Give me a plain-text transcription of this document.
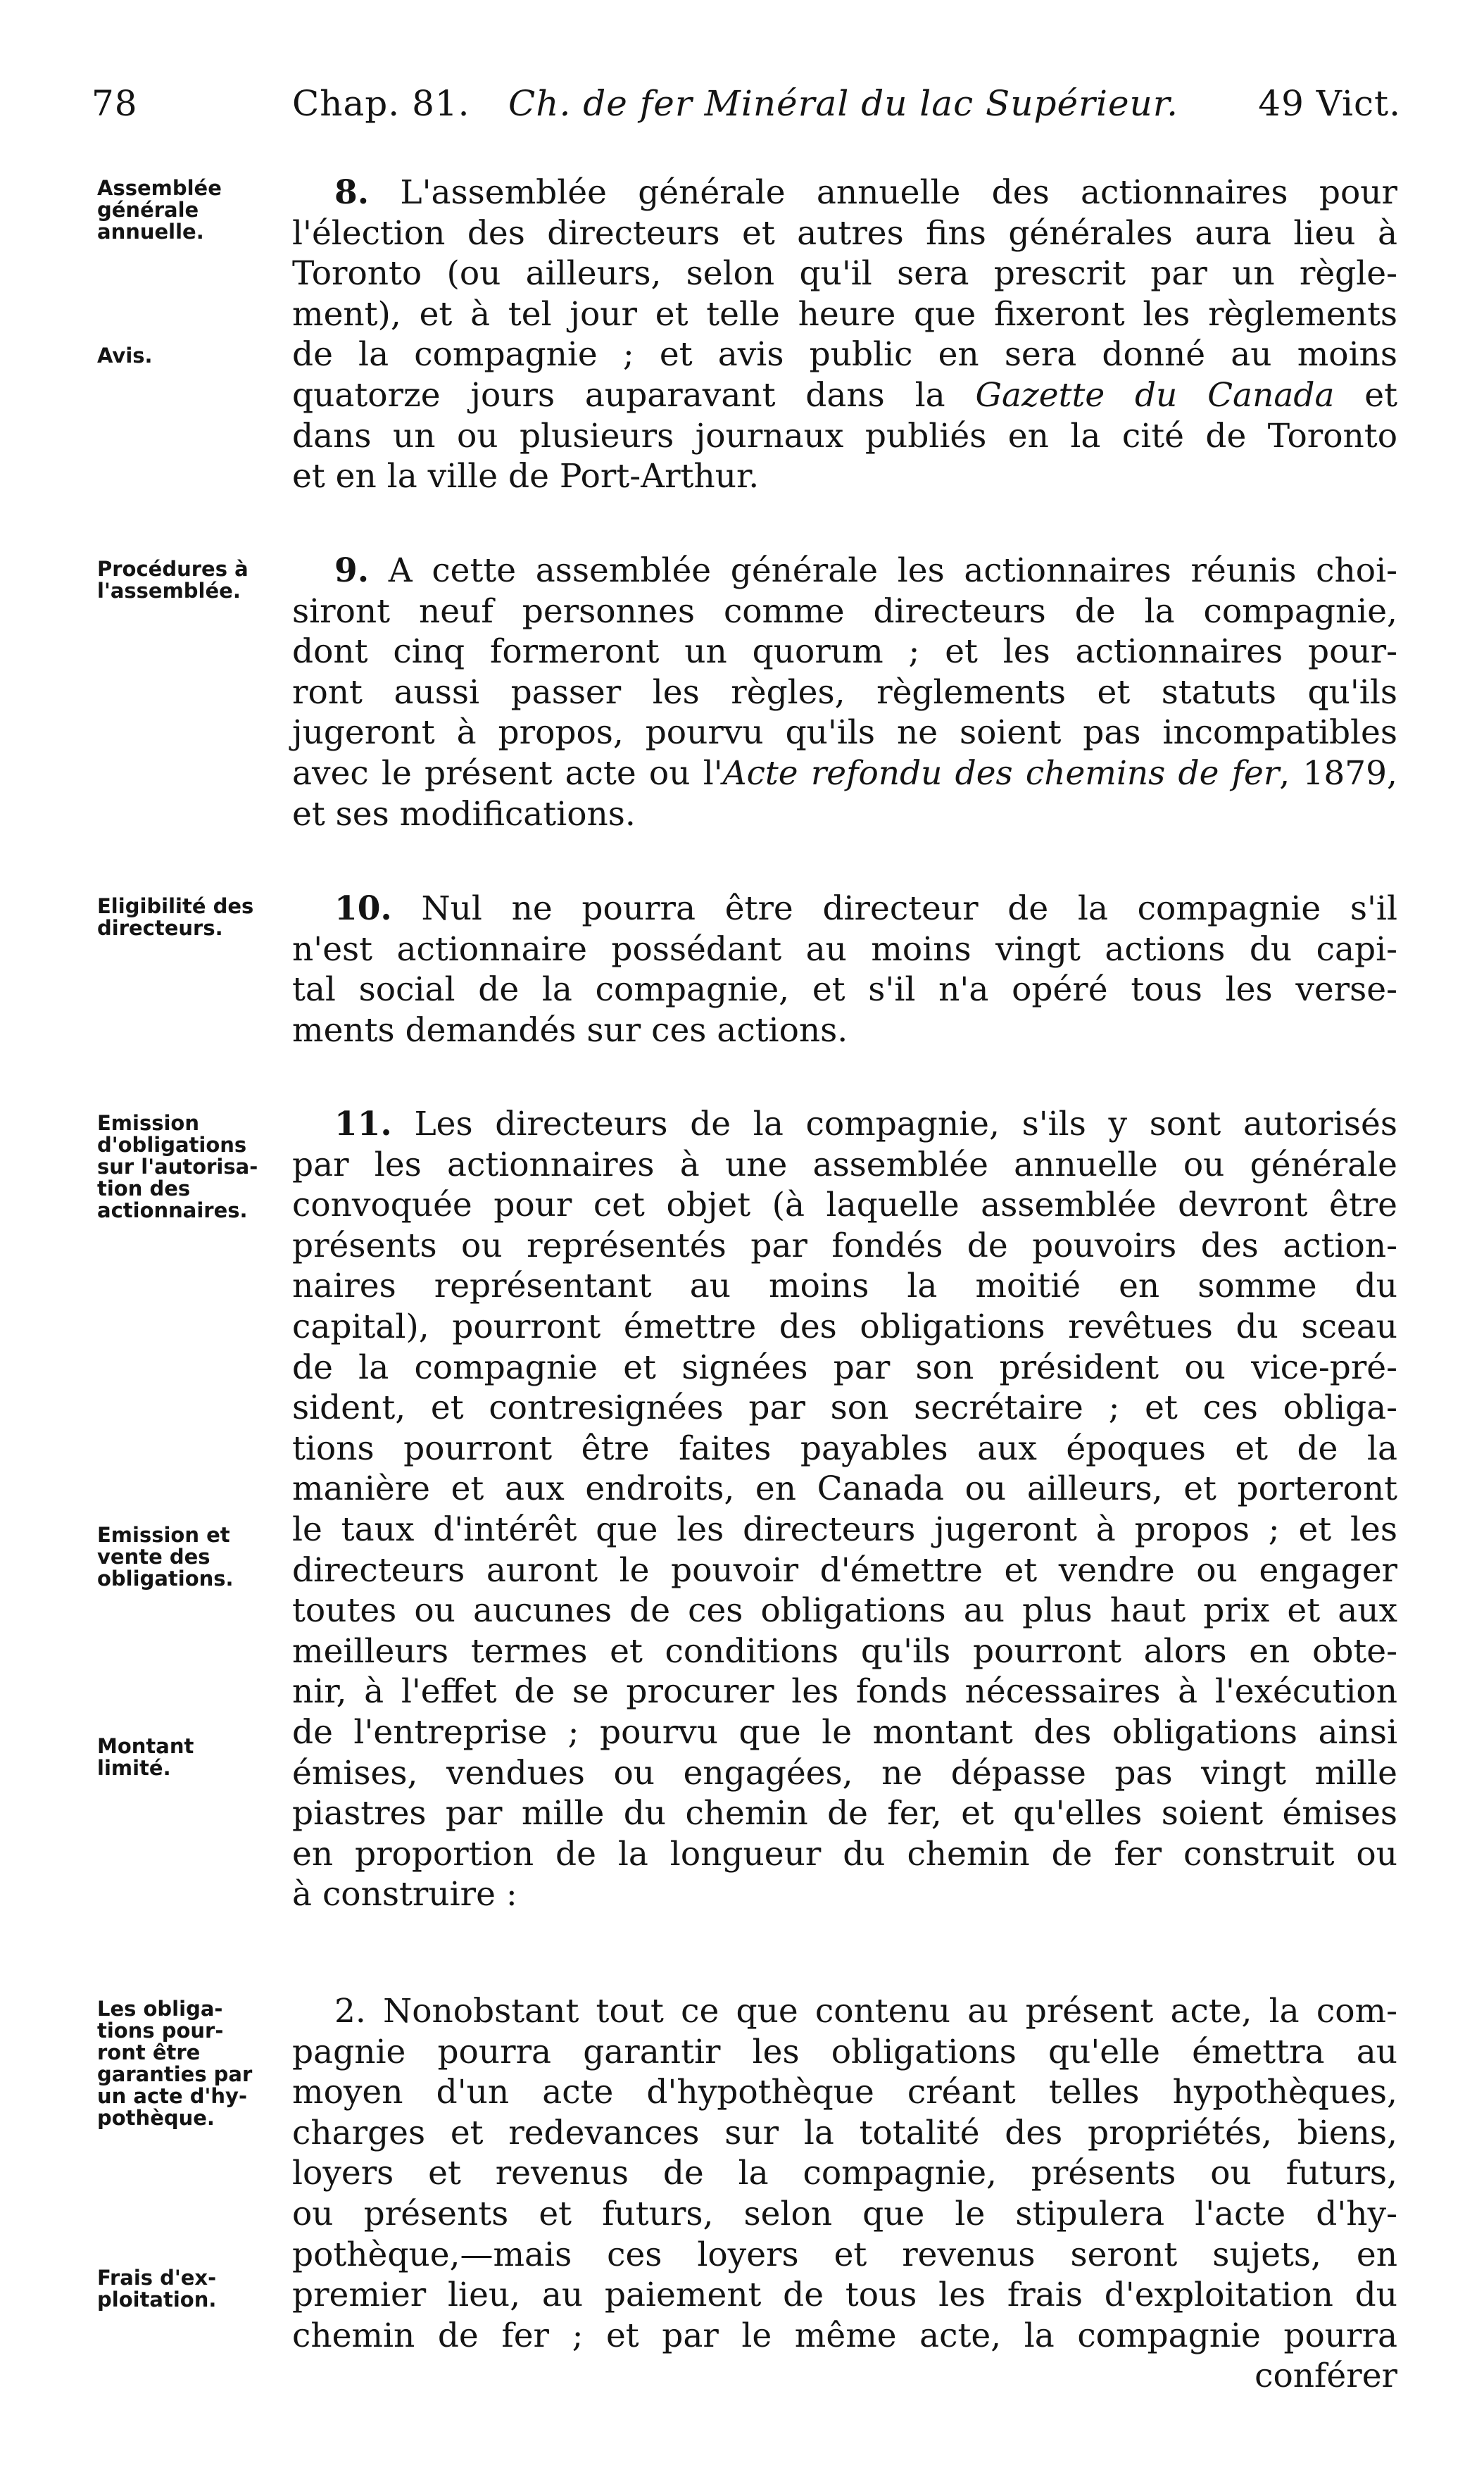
78	Chap. 81. Ch. de fer Minéral du lac Supérieur. 49 Vict.
Assemblée
générale
annuelle.
Avis.
Procédures à
l'assemblée.
Eligibilité des
directeurs.
Emission
d'obligations
sur l'autorisa-
tion des
actionnaires.
Emission et
vente des
obligations.
Montant
limité.
Les obliga-
tions pour-
ront être
garanties par
un acte d'hy-
pothèque.
Frais d'ex-
ploitation.
8. L'assemblée générale annuelle des actionnaires pour
l'élection des directeurs et autres fins générales aura lieu à
Toronto (ou ailleurs, selon qu'il sera prescrit par un règle-
ment), et à tel jour et telle heure que fixeront les règlements
de la compagnie ; et avis public en sera donné au moins
quatorze jours auparavant dans la Gazette du Canada et
dans un ou plusieurs journaux publiés en la cité de Toronto
et en la ville de Port-Arthur.
9. A cette assemblée générale les actionnaires réunis choi-
siront neuf personnes comme directeurs de la compagnie,
dont cinq formeront un quorum ; et les actionnaires pour-
ront aussi passer les règles, règlements et statuts qu'ils
jugeront à propos, pourvu qu'ils ne soient pas incompatibles
avec le présent acte ou l'Acte refondu des chemins de fer, 1879,
et ses modifications.
10. Nul ne pourra être directeur de la compagnie s'il
n'est actionnaire possédant au moins vingt actions du capi-
tal social de la compagnie, et s'il n'a opéré tous les verse-
ments demandés sur ces actions.
11. Les directeurs de la compagnie, s'ils y sont autorisés
par les actionnaires à une assemblée annuelle ou générale
convoquée pour cet objet (à laquelle assemblée devront être
présents ou représentés par fondés de pouvoirs des action-
naires représentant au moins la moitié en somme du
capital), pourront émettre des obligations revêtues du sceau
de la compagnie et signées par son président ou vice-pré-
sident, et contresignées par son secrétaire ; et ces obliga-
tions pourront être faites payables aux époques et de la
manière et aux endroits, en Canada ou ailleurs, et porteront
le taux d'intérêt que les directeurs jugeront à propos ; et les
directeurs auront le pouvoir d'émettre et vendre ou engager
toutes ou aucunes de ces obligations au plus haut prix et aux
meilleurs termes et conditions qu'ils pourront alors en obte-
nir, à l'effet de se procurer les fonds nécessaires à l'exécution
de l'entreprise ; pourvu que le montant des obligations ainsi
émises, vendues ou engagées, ne dépasse pas vingt mille
piastres par mille du chemin de fer, et qu'elles soient émises
en proportion de la longueur du chemin de fer construit ou
à construire :
2. Nonobstant tout ce que contenu au présent acte, la com-
pagnie pourra garantir les obligations qu'elle émettra au
moyen d'un acte d'hypothèque créant telles hypothèques,
charges et redevances sur la totalité des propriétés, biens,
loyers et revenus de la compagnie, présents ou futurs,
ou présents et futurs, selon que le stipulera l'acte d'hy-
pothèque,—mais ces loyers et revenus seront sujets, en
premier lieu, au paiement de tous les frais d'exploitation du
chemin de fer ; et par le même acte, la compagnie pourra
conférer
